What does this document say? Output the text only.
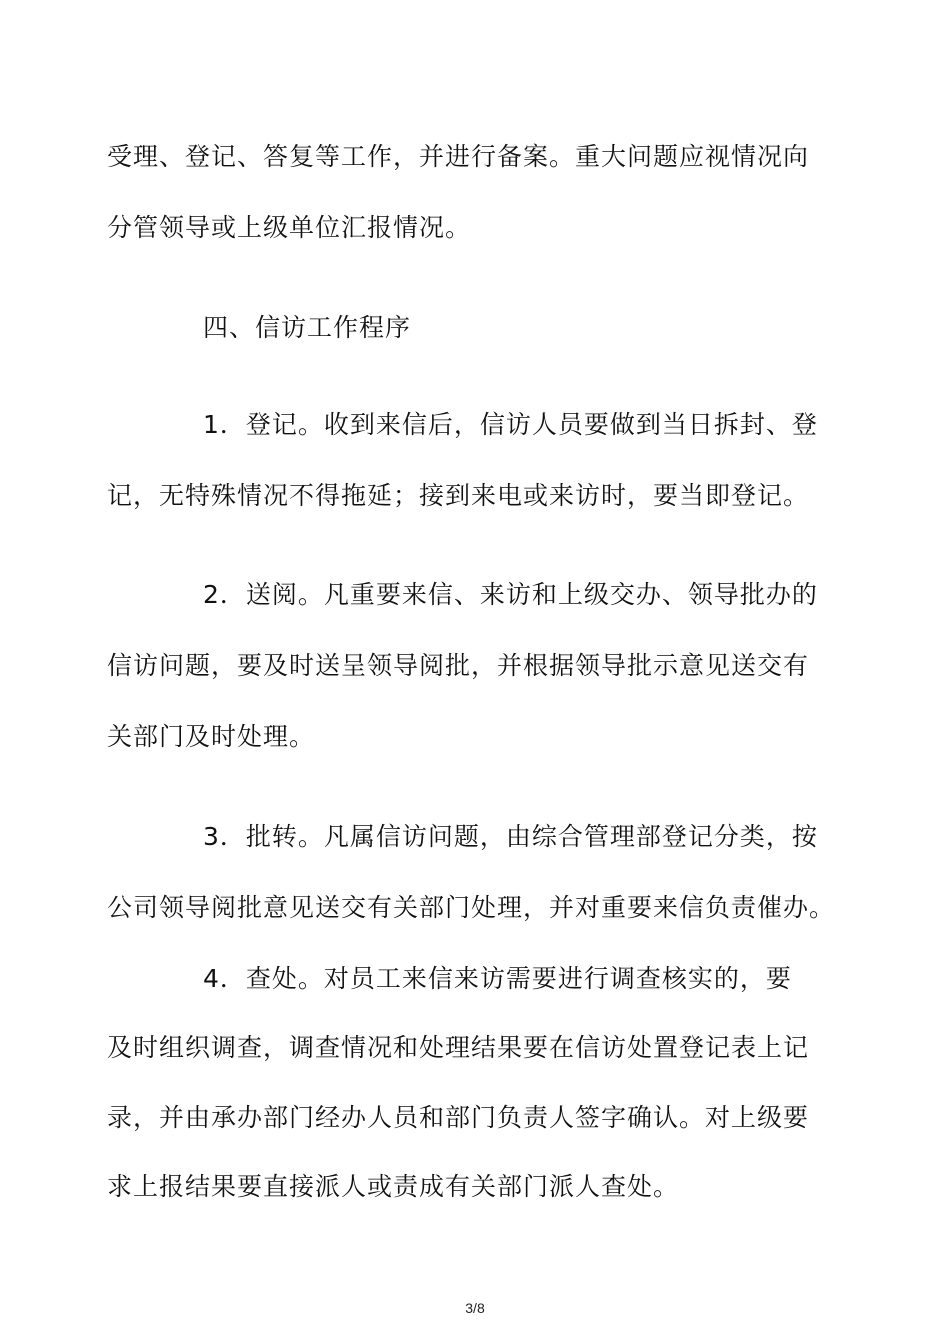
受理、登记、答复等工作，并进行备案。重大问题应视情况向
分管领导或上级单位汇报情况。
四、信访工作程序
1．登记。收到来信后，信访人员要做到当日拆封、登
记，无特殊情况不得拖延；接到来电或来访时，要当即登记。
2．送阅。凡重要来信、来访和上级交办、领导批办的
信访问题，要及时送呈领导阅批，并根据领导批示意见送交有
关部门及时处理。
3．批转。凡属信访问题，由综合管理部登记分类，按
公司领导阅批意见送交有关部门处理，并对重要来信负责催办。
4．查处。对员工来信来访需要进行调查核实的，要
及时组织调查，调查情况和处理结果要在信访处置登记表上记
录，并由承办部门经办人员和部门负责人签字确认。对上级要
求上报结果要直接派人或责成有关部门派人查处。
3/8
